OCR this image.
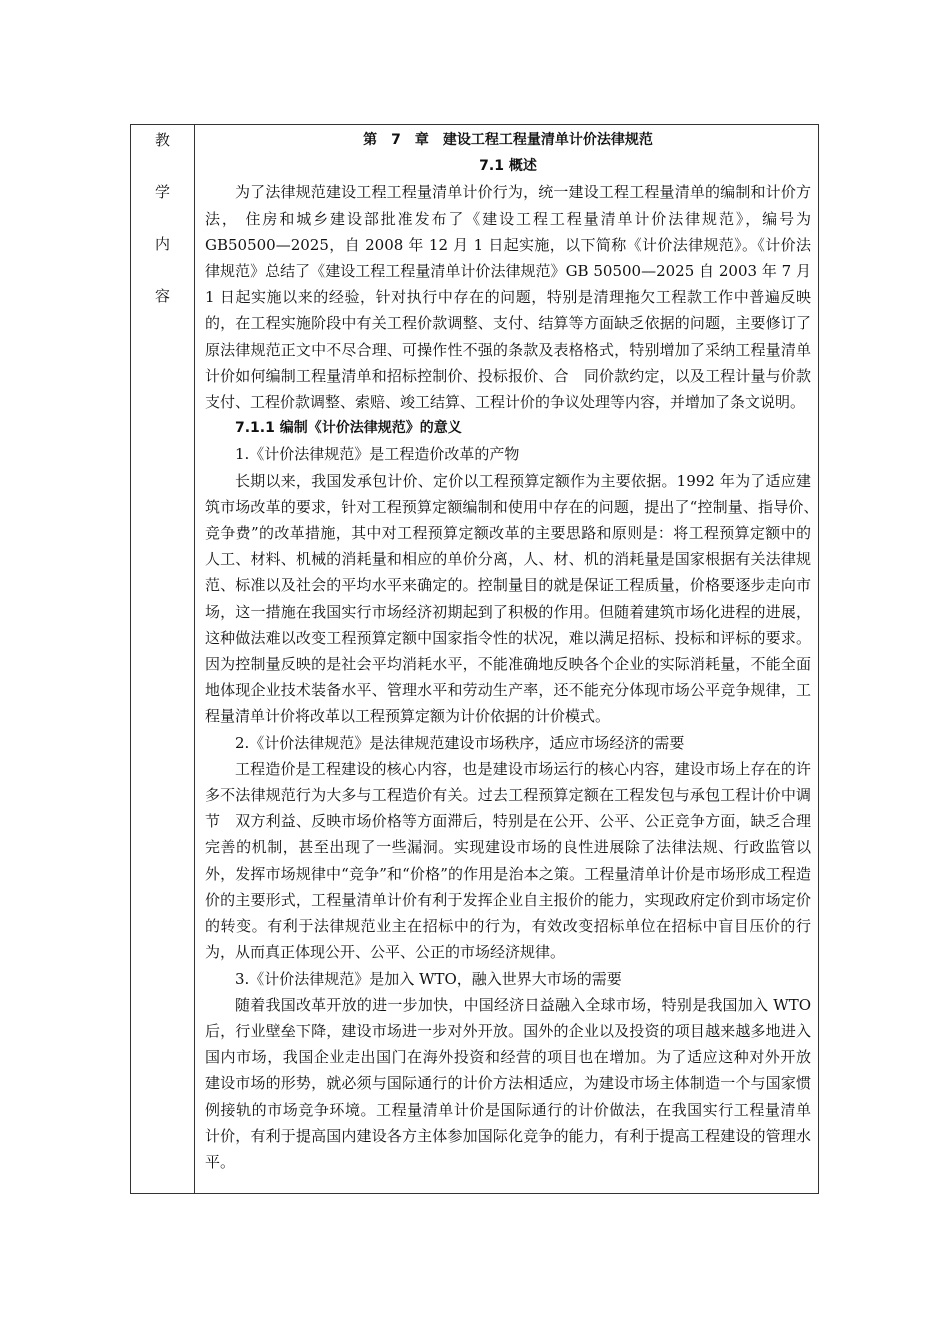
教
学
内
容

第　7　章　建设工程工程量清单计价法律规范

7.1 概述

为了法律规范建设工程工程量清单计价行为，统一建设工程工程量清单的编制和计价方法， 住房和城乡建设部批准发布了《建设工程工程量清单计价法律规范》，编号为 GB50500—2025，自 2008 年 12 月 1 日起实施，以下简称《计价法律规范》。《计价法律规范》总结了《建设工程工程量清单计价法律规范》GB 50500—2025 自 2003 年 7 月 1 日起实施以来的经验，针对执行中存在的问题，特别是清理拖欠工程款工作中普遍反映的，在工程实施阶段中有关工程价款调整、支付、结算等方面缺乏依据的问题，主要修订了原法律规范正文中不尽合理、可操作性不强的条款及表格格式，特别增加了采纳工程量清单计价如何编制工程量清单和招标控制价、投标报价、合　同价款约定，以及工程计量与价款支付、工程价款调整、索赔、竣工结算、工程计价的争议处理等内容，并增加了条文说明。

7.1.1 编制《计价法律规范》的意义

1.《计价法律规范》是工程造价改革的产物

长期以来，我国发承包计价、定价以工程预算定额作为主要依据。1992 年为了适应建　筑市场改革的要求，针对工程预算定额编制和使用中存在的问题，提出了“控制量、指导价、　竞争费”的改革措施，其中对工程预算定额改革的主要思路和原则是：将工程预算定额中的　人工、材料、机械的消耗量和相应的单价分离，人、材、机的消耗量是国家根据有关法律规范、标准以及社会的平均水平来确定的。控制量目的就是保证工程质量，价格要逐步走向市场，这一措施在我国实行市场经济初期起到了积极的作用。但随着建筑市场化进程的进展，这种做法难以改变工程预算定额中国家指令性的状况，难以满足招标、投标和评标的要求。因为控制量反映的是社会平均消耗水平，不能准确地反映各个企业的实际消耗量，不能全面地体现企业技术装备水平、管理水平和劳动生产率，还不能充分体现市场公平竞争规律，工程量清单计价将改革以工程预算定额为计价依据的计价模式。

2.《计价法律规范》是法律规范建设市场秩序，适应市场经济的需要

工程造价是工程建设的核心内容，也是建设市场运行的核心内容，建设市场上存在的许　多不法律规范行为大多与工程造价有关。过去工程预算定额在工程发包与承包工程计价中调节　双方利益、反映市场价格等方面滞后，特别是在公开、公平、公正竞争方面，缺乏合理完善的机制，甚至出现了一些漏洞。实现建设市场的良性进展除了法律法规、行政监管以外，发挥市场规律中“竞争”和“价格”的作用是治本之策。工程量清单计价是市场形成工程造价的主要形式，工程量清单计价有利于发挥企业自主报价的能力，实现政府定价到市场定价的转变。有利于法律规范业主在招标中的行为，有效改变招标单位在招标中盲目压价的行为，从而真正体现公开、公平、公正的市场经济规律。

3.《计价法律规范》是加入 WTO，融入世界大市场的需要

随着我国改革开放的进一步加快，中国经济日益融入全球市场，特别是我国加入 WTO 后，行业壁垒下降，建设市场进一步对外开放。国外的企业以及投资的项目越来越多地进入　国内市场，我国企业走出国门在海外投资和经营的项目也在增加。为了适应这种对外开放　建设市场的形势，就必须与国际通行的计价方法相适应，为建设市场主体制造一个与国家惯　例接轨的市场竞争环境。工程量清单计价是国际通行的计价做法，在我国实行工程量清单　计价，有利于提高国内建设各方主体参加国际化竞争的能力，有利于提高工程建设的管理水　平。
